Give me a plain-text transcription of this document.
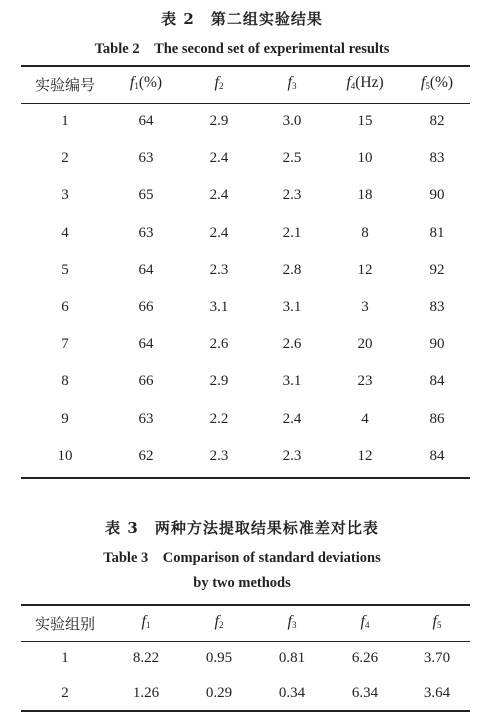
表 2　第二组实验结果
Table 2　The second set of experimental results
实验编号	$f_1(\%)$	$f_2$	$f_3$	$f_4(Hz)$	$f_5(\%)$
1	64	2.9	3.0	15	82
2	63	2.4	2.5	10	83
3	65	2.4	2.3	18	90
4	63	2.4	2.1	8	81
5	64	2.3	2.8	12	92
6	66	3.1	3.1	3	83
7	64	2.6	2.6	20	90
8	66	2.9	3.1	23	84
9	63	2.2	2.4	4	86
10	62	2.3	2.3	12	84
表 3　两种方法提取结果标准差对比表
Table 3　Comparison of standard deviations
by two methods
实验组别	$f_1$	$f_2$	$f_3$	$f_4$	$f_5$
1	8.22	0.95	0.81	6.26	3.70
2	1.26	0.29	0.34	6.34	3.64
